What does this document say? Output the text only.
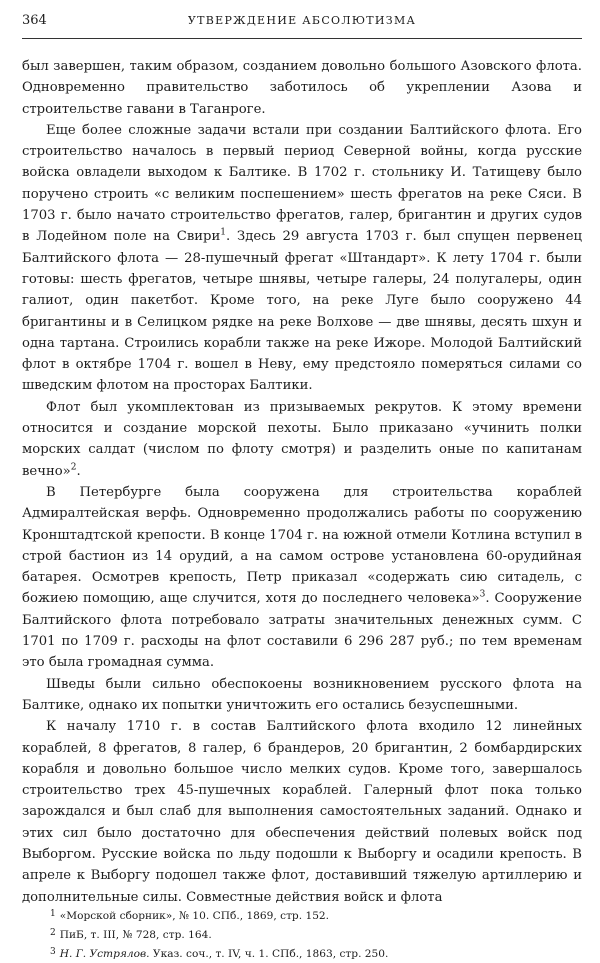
364	УТВЕРЖДЕНИЕ АБСОЛЮТИЗМА

был завершен, таким образом, созданием довольно большого Азовского флота. Одновременно правительство заботилось об укреплении Азова и строительстве гавани в Таганроге.

Еще более сложные задачи встали при создании Балтийского флота. Его строительство началось в первый период Северной войны, когда русские войска овладели выходом к Балтике. В 1702 г. стольнику И. Татищеву было поручено строить «с великим поспешением» шесть фрегатов на реке Сяси. В 1703 г. было начато строительство фрегатов, галер, бригантин и других судов в Лодейном поле на Свири$^1$. Здесь 29 августа 1703 г. был спущен первенец Балтийского флота — 28-пушечный фрегат «Штандарт». К лету 1704 г. были готовы: шесть фрегатов, четыре шнявы, четыре галеры, 24 полугалеры, один галиот, один пакетбот. Кроме того, на реке Луге было сооружено 44 бригантины и в Селицком рядке на реке Волхове — две шнявы, десять шхун и одна тартана. Строились корабли также на реке Ижоре. Молодой Балтийский флот в октябре 1704 г. вошел в Неву, ему предстояло померяться силами со шведским флотом на просторах Балтики.

Флот был укомплектован из призываемых рекрутов. К этому времени относится и создание морской пехоты. Было приказано «учинить полки морских салдат (числом по флоту смотря) и разделить оные по капитанам вечно»$^2$.

В Петербурге была сооружена для строительства кораблей Адмиралтейская верфь. Одновременно продолжались работы по сооружению Кронштадтской крепости. В конце 1704 г. на южной отмели Котлина вступил в строй бастион из 14 орудий, а на самом острове установлена 60-орудийная батарея. Осмотрев крепость, Петр приказал «содержать сию ситадель, с божиею помощию, аще случится, хотя до последнего человека»$^3$. Сооружение Балтийского флота потребовало затраты значительных денежных сумм. С 1701 по 1709 г. расходы на флот составили 6 296 287 руб.; по тем временам это была громадная сумма.

Шведы были сильно обеспокоены возникновением русского флота на Балтике, однако их попытки уничтожить его остались безуспешными.

К началу 1710 г. в состав Балтийского флота входило 12 линейных кораблей, 8 фрегатов, 8 галер, 6 брандеров, 20 бригантин, 2 бомбардирских корабля и довольно большое число мелких судов. Кроме того, завершалось строительство трех 45-пушечных кораблей. Галерный флот пока только зарождался и был слаб для выполнения самостоятельных заданий. Однако и этих сил было достаточно для обеспечения действий полевых войск под Выборгом. Русские войска по льду подошли к Выборгу и осадили крепость. В апреле к Выборгу подошел также флот, доставивший тяжелую артиллерию и дополнительные силы. Совместные действия войск и флота

$^1$ «Морской сборник», № 10. СПб., 1869, стр. 152.

$^2$ ПиБ, т. III, № 728, стр. 164.

$^3$ Н. Г. Устрялов. Указ. соч., т. IV, ч. 1. СПб., 1863, стр. 250.
